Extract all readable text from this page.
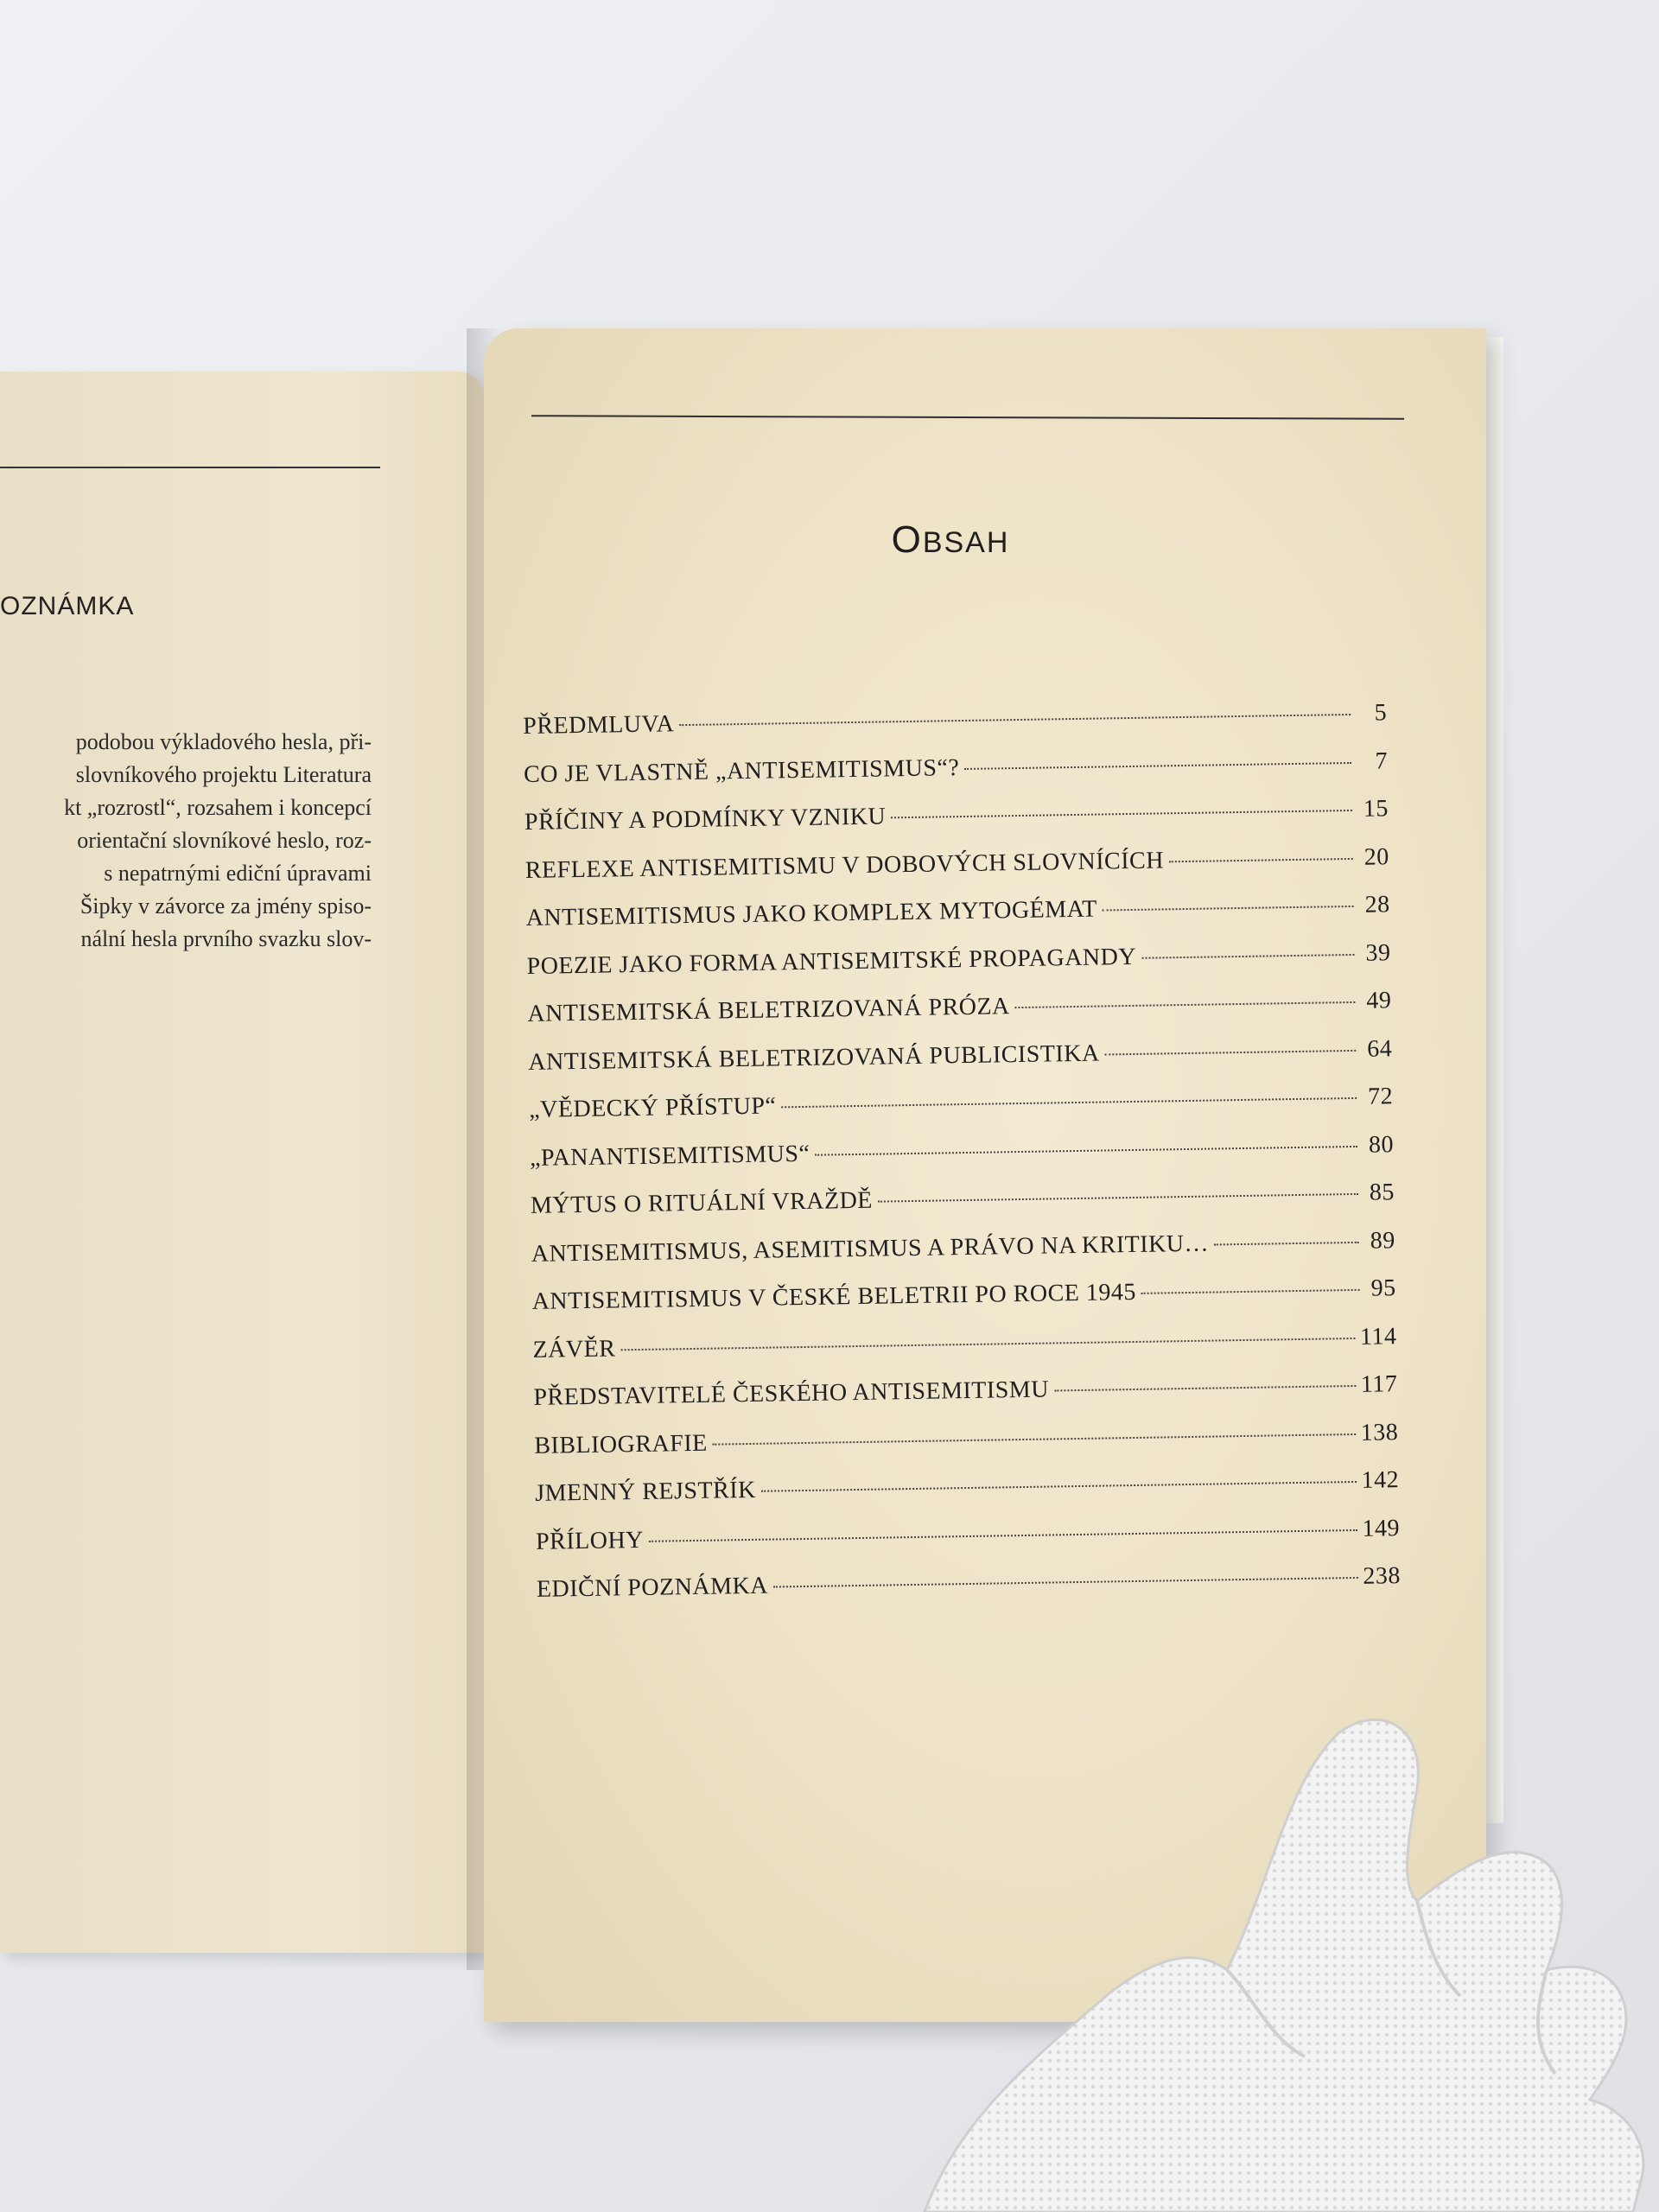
OZNÁMKA
podobou výkladového hesla, při-
slovníkového projektu Literatura
kt „rozrostl“, rozsahem i koncepcí
orientační slovníkové heslo, roz-
s nepatrnými ediční úpravami
Šipky v závorce za jmény spiso-
nální hesla prvního svazku slov-
OBSAH
PŘEDMLUVA	5
CO JE VLASTNĚ „ANTISEMITISMUS“?	7
PŘÍČINY A PODMÍNKY VZNIKU	15
REFLEXE ANTISEMITISMU V DOBOVÝCH SLOVNÍCÍCH	20
ANTISEMITISMUS JAKO KOMPLEX MYTOGÉMAT	28
POEZIE JAKO FORMA ANTISEMITSKÉ PROPAGANDY	39
ANTISEMITSKÁ BELETRIZOVANÁ PRÓZA	49
ANTISEMITSKÁ BELETRIZOVANÁ PUBLICISTIKA	64
„VĚDECKÝ PŘÍSTUP“	72
„PANANTISEMITISMUS“	80
MÝTUS O RITUÁLNÍ VRAŽDĚ	85
ANTISEMITISMUS, ASEMITISMUS A PRÁVO NA KRITIKU…	89
ANTISEMITISMUS V ČESKÉ BELETRII PO ROCE 1945	95
ZÁVĚR	114
PŘEDSTAVITELÉ ČESKÉHO ANTISEMITISMU	117
BIBLIOGRAFIE	138
JMENNÝ REJSTŘÍK	142
PŘÍLOHY	149
EDIČNÍ POZNÁMKA	238
